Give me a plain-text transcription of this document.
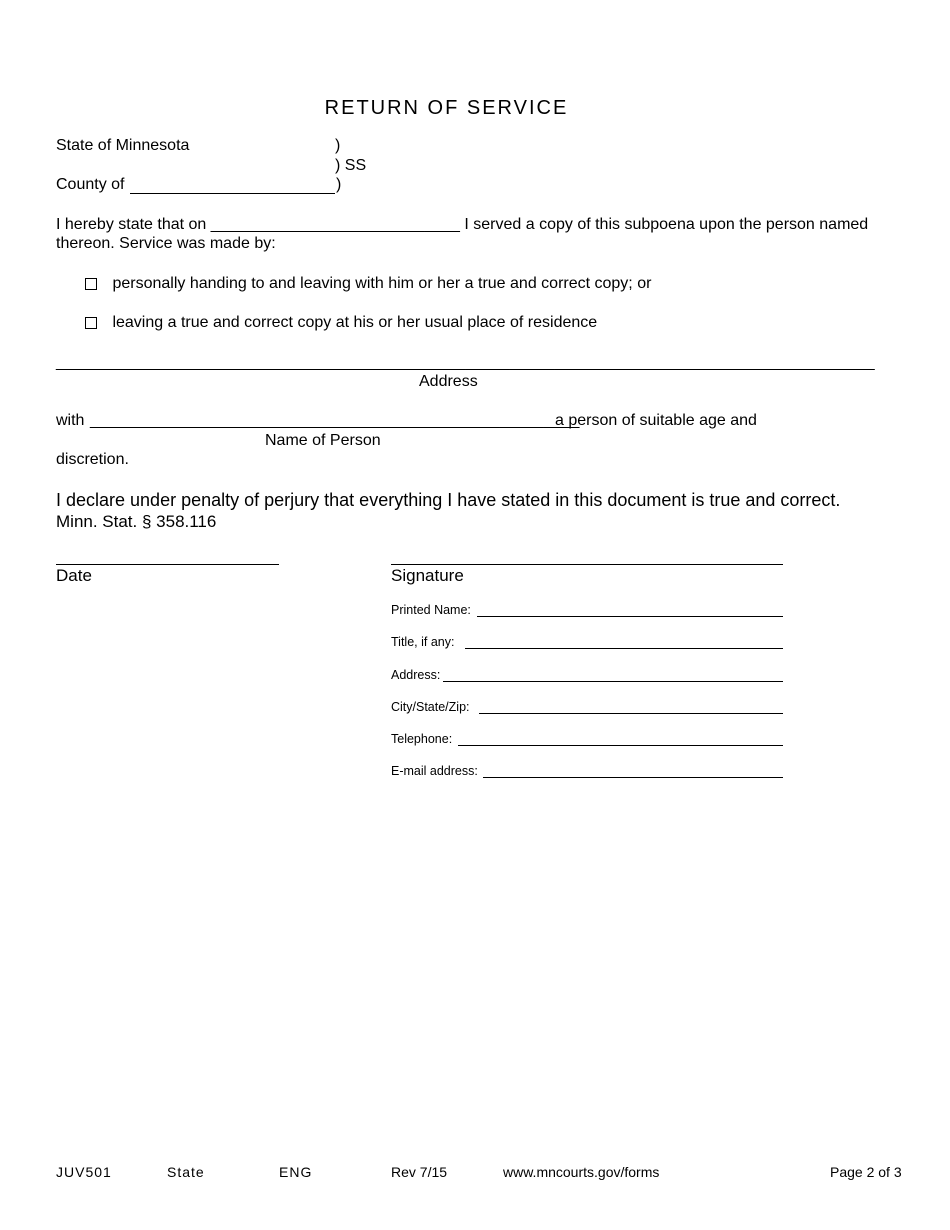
RETURN OF SERVICE
State of Minnesota	)
) SS
County of	)
I hereby state that on ____________________________ I served a copy of this subpoena upon the person named
thereon. Service was made by:
personally handing to and leaving with him or her a true and correct copy; or
leaving a true and correct copy at his or her usual place of residence
____________________________________________________________________________________________
Address
with _______________________________________________________
a person of suitable age and
Name of Person
discretion.
I declare under penalty of perjury that everything I have stated in this document is true and correct.
Minn. Stat. § 358.116
Date	Signature
Printed Name:
Title, if any:
Address:
City/State/Zip:
Telephone:
E-mail address:
JUV501	State	ENG	Rev 7/15	www.mncourts.gov/forms	Page 2 of 3
